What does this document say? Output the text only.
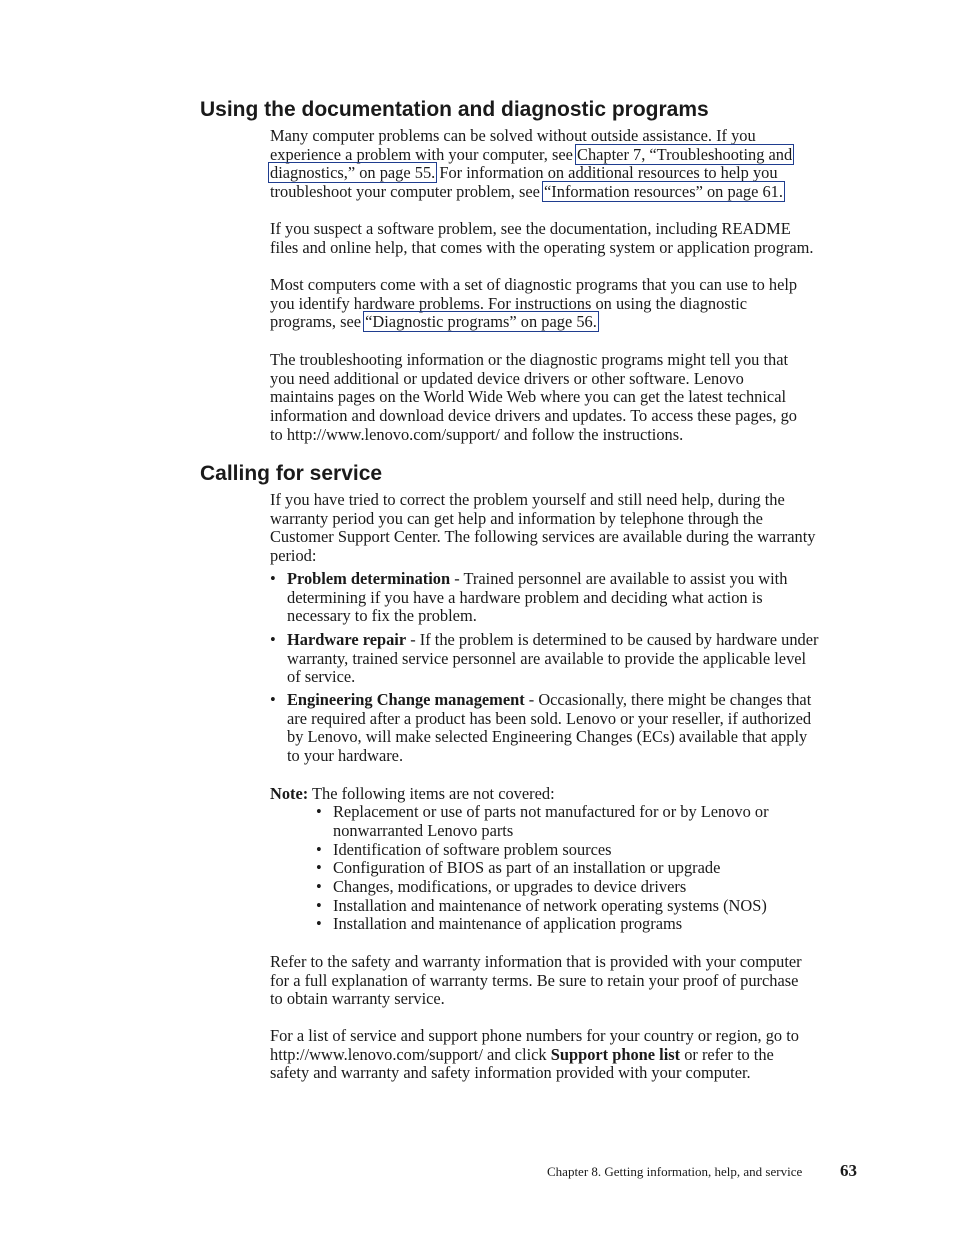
Using the documentation and diagnostic programs

Many computer problems can be solved without outside assistance. If you
experience a problem with your computer, see Chapter 7, “Troubleshooting and
diagnostics,” on page 55. For information on additional resources to help you
troubleshoot your computer problem, see “Information resources” on page 61.

If you suspect a software problem, see the documentation, including README
files and online help, that comes with the operating system or application program.

Most computers come with a set of diagnostic programs that you can use to help
you identify hardware problems. For instructions on using the diagnostic
programs, see “Diagnostic programs” on page 56.

The troubleshooting information or the diagnostic programs might tell you that
you need additional or updated device drivers or other software. Lenovo
maintains pages on the World Wide Web where you can get the latest technical
information and download device drivers and updates. To access these pages, go
to http://www.lenovo.com/support/ and follow the instructions.

Calling for service

If you have tried to correct the problem yourself and still need help, during the
warranty period you can get help and information by telephone through the
Customer Support Center. The following services are available during the warranty
period:

• Problem determination - Trained personnel are available to assist you with
determining if you have a hardware problem and deciding what action is
necessary to fix the problem.
• Hardware repair - If the problem is determined to be caused by hardware under
warranty, trained service personnel are available to provide the applicable level
of service.
• Engineering Change management - Occasionally, there might be changes that
are required after a product has been sold. Lenovo or your reseller, if authorized
by Lenovo, will make selected Engineering Changes (ECs) available that apply
to your hardware.
Note: The following items are not covered:
• Replacement or use of parts not manufactured for or by Lenovo or
nonwarranted Lenovo parts
• Identification of software problem sources
• Configuration of BIOS as part of an installation or upgrade
• Changes, modifications, or upgrades to device drivers
• Installation and maintenance of network operating systems (NOS)
• Installation and maintenance of application programs

Refer to the safety and warranty information that is provided with your computer
for a full explanation of warranty terms. Be sure to retain your proof of purchase
to obtain warranty service.

For a list of service and support phone numbers for your country or region, go to
http://www.lenovo.com/support/ and click Support phone list or refer to the
safety and warranty and safety information provided with your computer.

Chapter 8. Getting information, help, and service 63
